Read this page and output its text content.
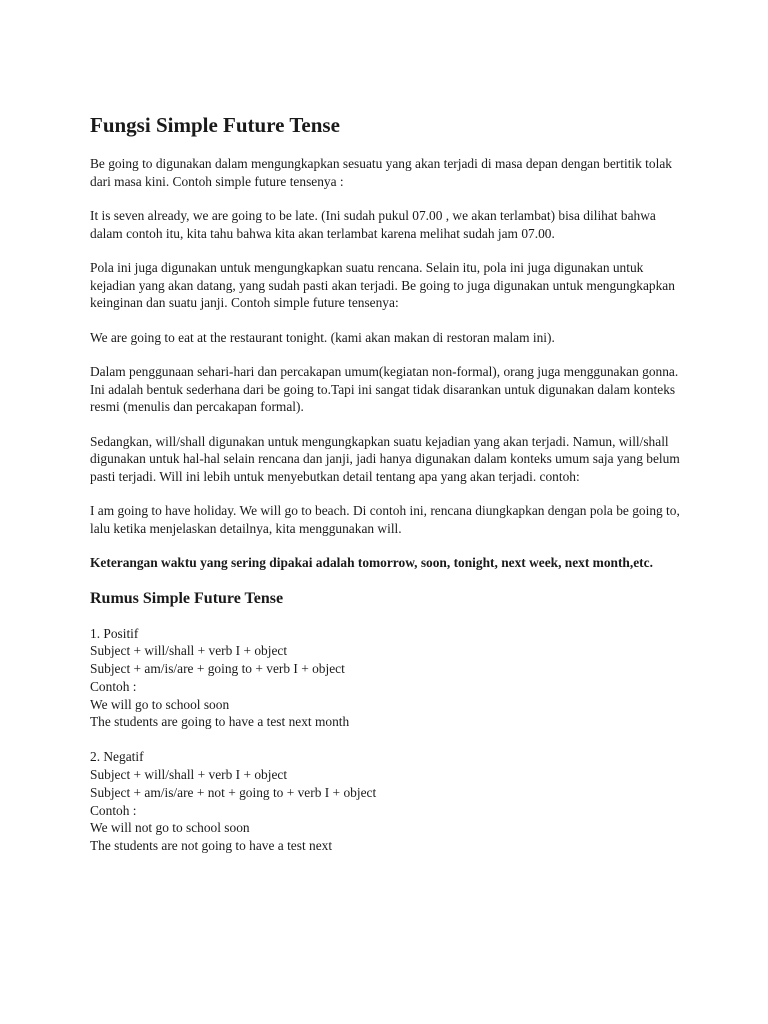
Fungsi Simple Future Tense

Be going to digunakan dalam mengungkapkan sesuatu yang akan terjadi di masa depan dengan bertitik tolak dari masa kini. Contoh simple future tensenya :

It is seven already, we are going to be late. (Ini sudah pukul 07.00 , we akan terlambat) bisa dilihat bahwa dalam contoh itu, kita tahu bahwa kita akan terlambat karena melihat sudah jam 07.00.

Pola ini juga digunakan untuk mengungkapkan suatu rencana. Selain itu, pola ini juga digunakan untuk kejadian yang akan datang, yang sudah pasti akan terjadi. Be going to juga digunakan untuk mengungkapkan keinginan dan suatu janji. Contoh simple future tensenya:

We are going to eat at the restaurant tonight. (kami akan makan di restoran malam ini).

Dalam penggunaan sehari-hari dan percakapan umum(kegiatan non-formal), orang juga menggunakan gonna. Ini adalah bentuk sederhana dari be going to.Tapi ini sangat tidak disarankan untuk digunakan dalam konteks resmi (menulis dan percakapan formal).

Sedangkan, will/shall digunakan untuk mengungkapkan suatu kejadian yang akan terjadi. Namun, will/shall digunakan untuk hal-hal selain rencana dan janji, jadi hanya digunakan dalam konteks umum saja yang belum pasti terjadi. Will ini lebih untuk menyebutkan detail tentang apa yang akan terjadi. contoh:

I am going to have holiday. We will go to beach. Di contoh ini, rencana diungkapkan dengan pola be going to, lalu ketika menjelaskan detailnya, kita menggunakan will.

Keterangan waktu yang sering dipakai adalah tomorrow, soon, tonight, next week, next month,etc.

Rumus Simple Future Tense
1. Positif
Subject + will/shall + verb I + object
Subject + am/is/are + going to + verb I + object
Contoh :
We will go to school soon
The students are going to have a test next month
2. Negatif
Subject + will/shall + verb I + object
Subject + am/is/are + not + going to + verb I + object
Contoh :
We will not go to school soon
The students are not going to have a test next
